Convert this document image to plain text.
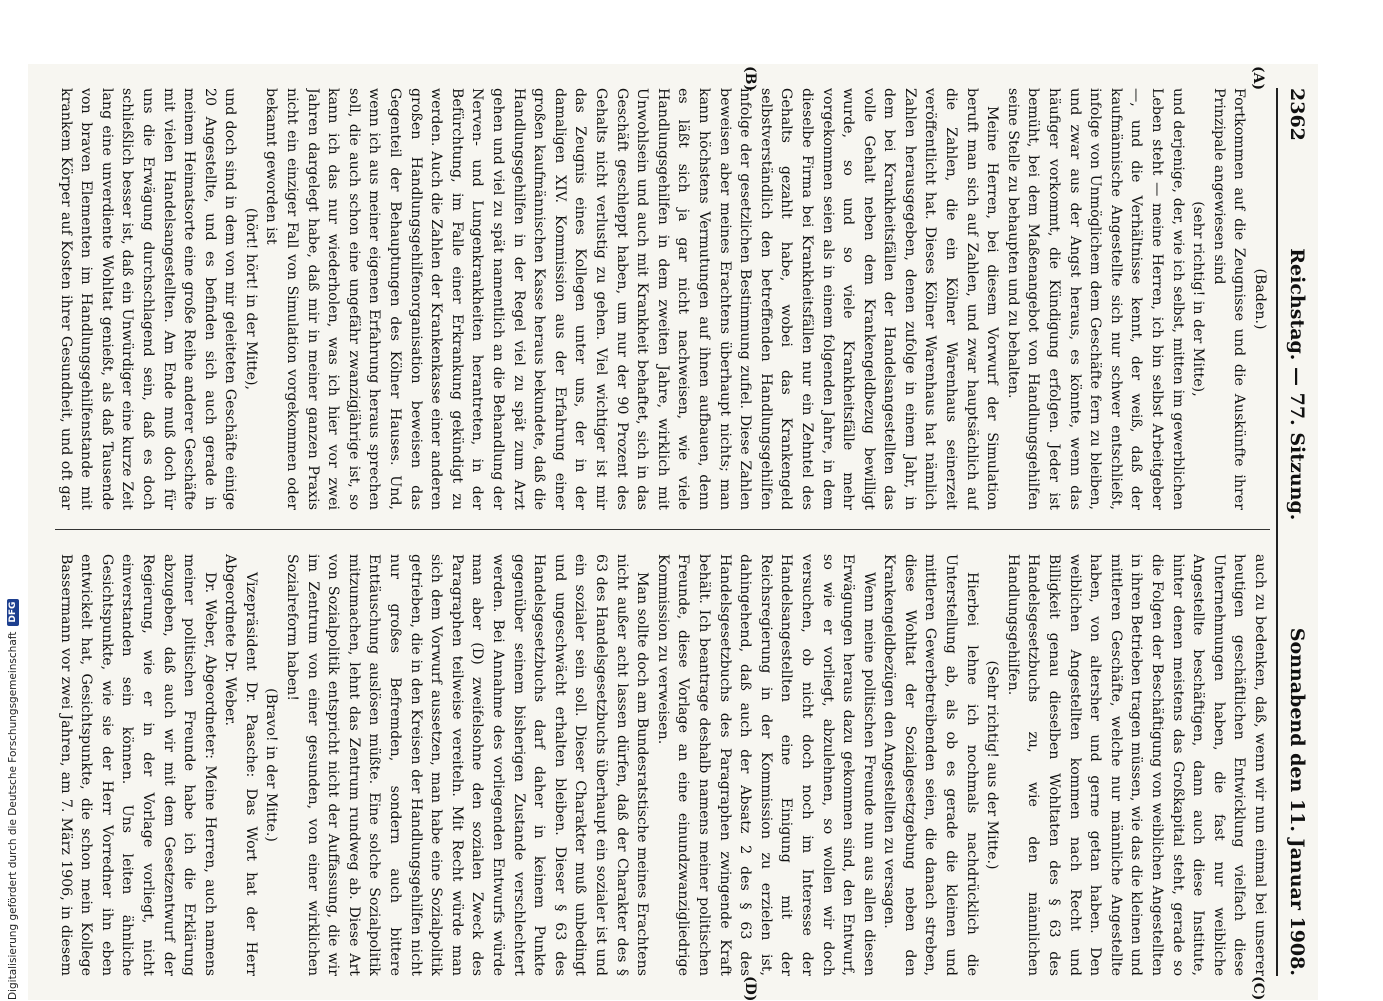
2362
Reichstag. — 77. Sitzung.
Sonnabend den 11. Januar 1908.
(A)
(B)
(C)
(D)

(Baden.)

Fortkommen auf die Zeugnisse und die Auskünfte ihrer Prinzipale angewiesen sind

(sehr richtig! in der Mitte),

und derjenige, der, wie ich selbst, mitten im gewerblichen Leben steht — meine Herren, ich bin selbst Arbeitgeber —, und die Verhältnisse kennt, der weiß, daß der kaufmännische Angestellte sich nur schwer entschließt, infolge von Unmöglichem dem Geschäfte fern zu bleiben, und zwar aus der Angst heraus, es könnte, wenn das häufiger vorkommt, die Kündigung erfolgen. Jeder ist bemüht, bei dem Maßenangebot von Handlungsgehilfen seine Stelle zu behaupten und zu behalten.

Meine Herren, bei diesem Vorwurf der Simulation beruft man sich auf Zahlen, und zwar hauptsächlich auf die Zahlen, die ein Kölner Warenhaus seinerzeit veröffentlicht hat. Dieses Kölner Warenhaus hat nämlich Zahlen herausgegeben, denen zufolge in einem Jahr, in dem bei Krankheitsfällen der Handelsangestellten das volle Gehalt neben dem Krankengeldbezug bewilligt wurde, so und so viele Krankheitsfälle mehr vorgekommen seien als in einem folgenden Jahre, in dem dieselbe Firma bei Krankheitsfällen nur ein Zehntel des Gehalts gezahlt habe, wobei das Krankengeld selbstverständlich den betreffenden Handlungsgehilfen infolge der gesetzlichen Bestimmung zufiel. Diese Zahlen beweisen aber meines Erachtens überhaupt nichts; man kann höchstens Vermutungen auf ihnen aufbauen, denn es läßt sich ja gar nicht nachweisen, wie viele Handlungsgehilfen in dem zweiten Jahre, wirklich mit Unwohlsein und auch mit Krankheit behaftet, sich in das Geschäft geschleppt haben, um nur der 90 Prozent des Gehalts nicht verlustig zu gehen. Viel wichtiger ist mir das Zeugnis eines Kollegen unter uns, der in der damaligen XIV. Kommission aus der Erfahrung einer großen kaufmännischen Kasse heraus bekundete, daß die Handlungsgehilfen in der Regel viel zu spät zum Arzt gehen und viel zu spät namentlich an die Behandlung der Nerven- und Lungenkrankheiten herantreten, in der Befürchtung, im Falle einer Erkrankung gekündigt zu werden. Auch die Zahlen der Krankenkasse einer anderen großen Handlungsgehilfenorganisation beweisen das Gegenteil der Behauptungen des Kölner Hauses. Und, wenn ich aus meiner eigenen Erfahrung heraus sprechen soll, die auch schon eine ungefähr zwanzigjährige ist, so kann ich das nur wiederholen, was ich hier vor zwei Jahren dargelegt habe, daß mir in meiner ganzen Praxis nicht ein einziger Fall von Simulation vorgekommen oder bekannt geworden ist

(hört! hört! in der Mitte),

und doch sind in dem von mir geleiteten Geschäfte einige 20 Angestellte, und es befinden sich auch gerade in meinem Heimatsorte eine große Reihe anderer Geschäfte mit vielen Handelsangestellten. Am Ende muß doch für uns die Erwägung durchschlagend sein, daß es doch schließlich besser ist, daß ein Unwürdiger eine kurze Zeit lang eine unverdiente Wohltat genießt, als daß Tausende von braven Elementen im Handlungsgehilfenstande mit krankem Körper auf Kosten ihrer Gesundheit, und oft gar

auch zu bedenken, daß, wenn wir nun einmal bei unserer heutigen geschäftlichen Entwicklung vielfach diese Unternehmungen haben, die fast nur weibliche Angestellte beschäftigen, dann auch diese Institute, hinter denen meistens das Großkapital steht, gerade so die Folgen der Beschäftigung von weiblichen Angestellten in ihren Betrieben tragen müssen, wie das die kleinen und mittleren Geschäfte, welche nur männliche Angestellte haben, von altersher und gerne getan haben. Den weiblichen Angestellten kommen nach Recht und Billigkeit genau dieselben Wohltaten des § 63 des Handelsgesetzbuchs zu, wie den männlichen Handlungsgehilfen.

(Sehr richtig! aus der Mitte.)

Hierbei lehne ich nochmals nachdrücklich die Unterstellung ab, als ob es gerade die kleinen und mittleren Gewerbetreibenden seien, die danach streben, diese Wohltat der Sozialgesetzgebung neben den Krankengeldbezügen den Angestellten zu versagen.

Wenn meine politischen Freunde nun aus allen diesen Erwägungen heraus dazu gekommen sind, den Entwurf, so wie er vorliegt, abzulehnen, so wollen wir doch versuchen, ob nicht doch noch im Interesse der Handelsangestellten eine Einigung mit der Reichsregierung in der Kommission zu erzielen ist, dahingehend, daß auch der Absatz 2 des § 63 des Handelsgesetzbuchs des Paragraphen zwingende Kraft behält. Ich beantrage deshalb namens meiner politischen Freunde, diese Vorlage an eine einundzwanzigliedrige Kommission zu verweisen.

Man sollte doch am Bundesratstische meines Erachtens nicht außer acht lassen dürfen, daß der Charakter des § 63 des Handelsgesetzbuchs überhaupt ein sozialer ist und ein sozialer sein soll. Dieser Charakter muß unbedingt und ungeschwächt erhalten bleiben. Dieser § 63 des Handelsgesetzbuchs darf daher in keinem Punkte gegenüber seinem bisherigen Zustande verschlechtert werden. Bei Annahme des vorliegenden Entwurfs würde man aber (D) zweifelsohne den sozialen Zweck des Paragraphen teilweise vereiteln. Mit Recht würde man sich dem Vorwurf aussetzen, man habe eine Sozialpolitik getrieben, die in den Kreisen der Handlungsgehilfen nicht nur großes Befremden, sondern auch bittere Enttäuschung auslösen müßte. Eine solche Sozialpolitik mitzumachen, lehnt das Zentrum rundweg ab. Diese Art von Sozialpolitik entspricht nicht der Auffassung, die wir im Zentrum von einer gesunden, von einer wirklichen Sozialreform haben!

(Bravo! in der Mitte.)

Vizepräsident Dr. Paasche: Das Wort hat der Herr Abgeordnete Dr. Weber.

Dr. Weber, Abgeordneter: Meine Herren, auch namens meiner politischen Freunde habe ich die Erklärung abzugeben, daß auch wir mit dem Gesetzentwurf der Regierung, wie er in der Vorlage vorliegt, nicht einverstanden sein können. Uns leiten ähnliche Gesichtspunkte, wie sie der Herr Vorredner ihn eben entwickelt hat, Gesichtspunkte, die schon mein Kollege Bassermann vor zwei Jahren, am 7. März 1906, in diesem

Digitalisierung gefördert durch die Deutsche Forschungsgemeinschaft
DFG
